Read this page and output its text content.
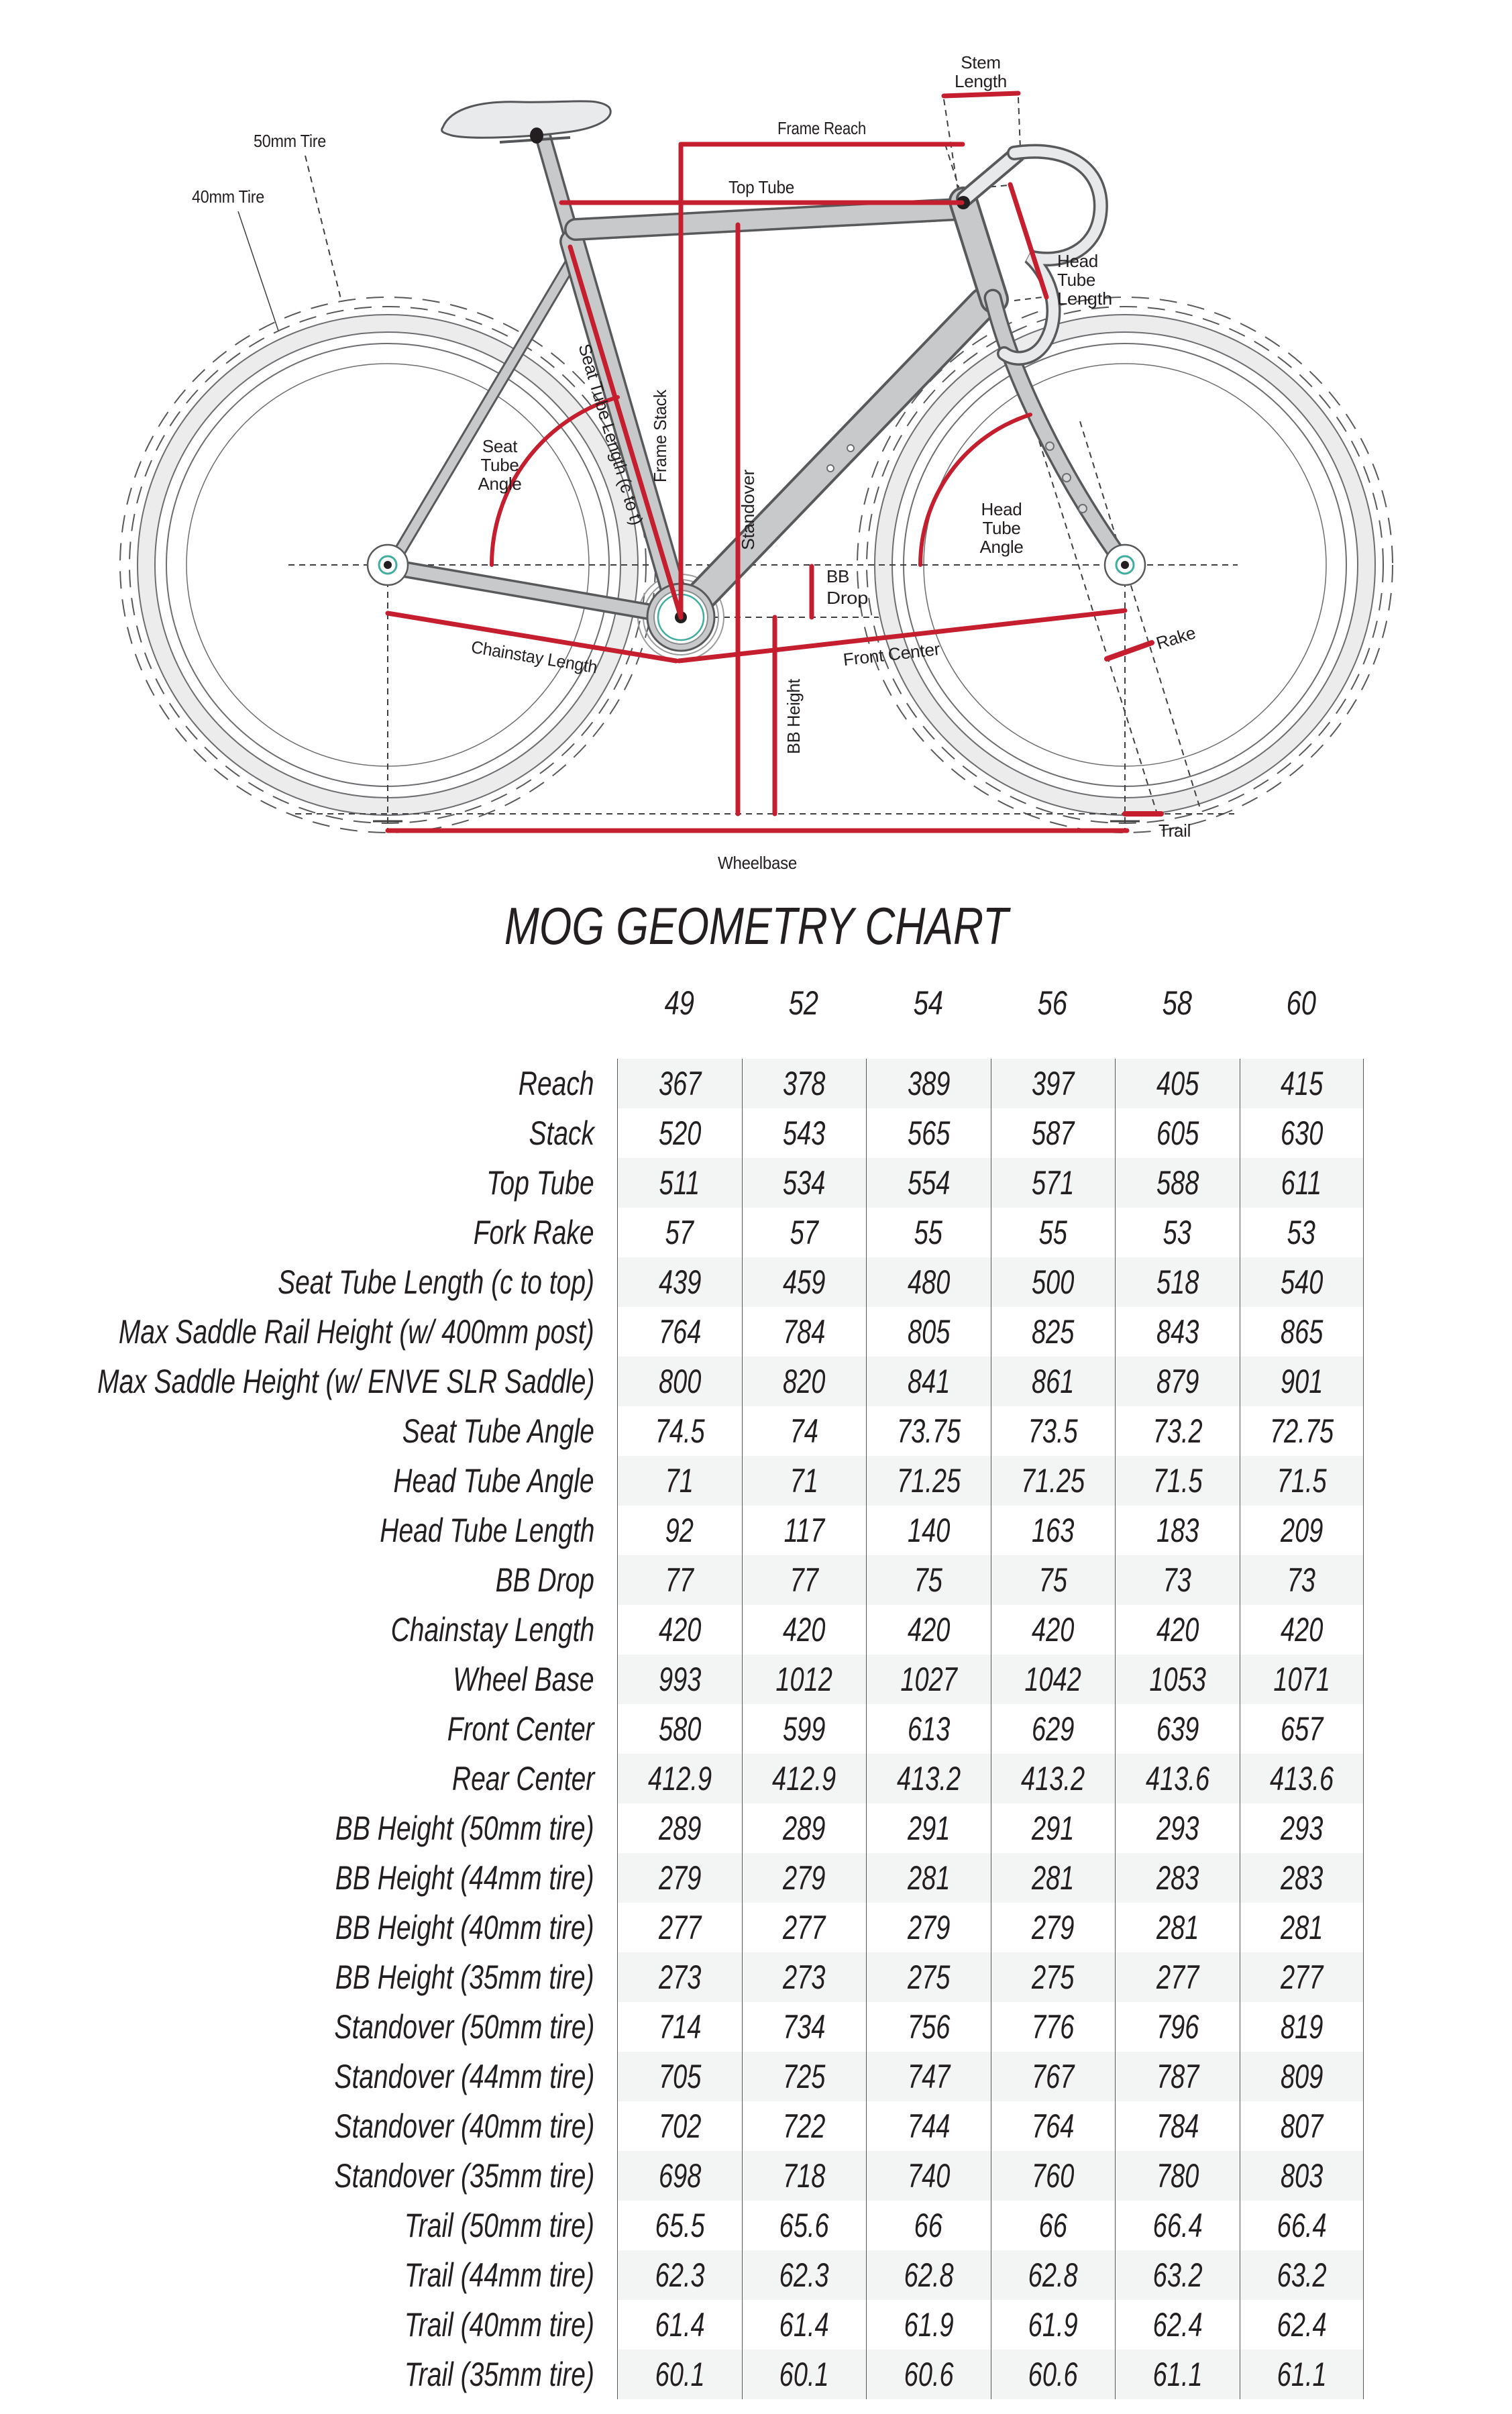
50mm Tire
40mm Tire
Stem
Length
Frame Reach
Top Tube
Head
Tube
Length
Seat
Tube
Angle
Head
Tube
Angle
Frame Stack
Standover
Seat Tube Length (c to t)
BB
Drop
BB Height
Chainstay Length	Front Center
Rake
Trail
Wheelbase
MOG GEOMETRY CHART
49	52	54	56	58	60
Reach 367 378 389 397 405 415
Stack 520 543 565 587 605 630
Top Tube 511 534 554 571 588 611
Fork Rake 57	57	55	55	53	53
Seat Tube Length (c to top) 439 459 480 500 518 540
Max Saddle Rail Height (w/ 400mm post) 764 784 805 825 843 865
Max Saddle Height (w/ ENVE SLR Saddle) 800 820 841 861 879 901
Seat Tube Angle 74.5	74 73.75 73.5 73.2 72.75
Head Tube Angle 71	71 71.25 71.25 71.5 71.5
Head Tube Length 92	117 140 163 183 209
BB Drop 77	77	75	75	73	73
Chainstay Length 420 420 420 420 420 420
Wheel Base 993 1012 1027 1042 1053 1071
Front Center 580 599 613 629 639 657
Rear Center 412.9 412.9 413.2 413.2 413.6 413.6
BB Height (50mm tire) 289 289 291 291 293 293
BB Height (44mm tire) 279 279 281 281 283 283
BB Height (40mm tire) 277 277 279 279 281 281
BB Height (35mm tire) 273 273 275 275 277 277
Standover (50mm tire) 714 734 756 776 796 819
Standover (44mm tire) 705 725 747 767 787 809
Standover (40mm tire) 702 722 744 764 784 807
Standover (35mm tire) 698 718 740 760 780 803
Trail (50mm tire) 65.5 65.6	66	66	66.4 66.4
Trail (44mm tire) 62.3 62.3 62.8 62.8 63.2 63.2
Trail (40mm tire) 61.4 61.4 61.9 61.9 62.4 62.4
Trail (35mm tire) 60.1 60.1 60.6 60.6 61.1 61.1
